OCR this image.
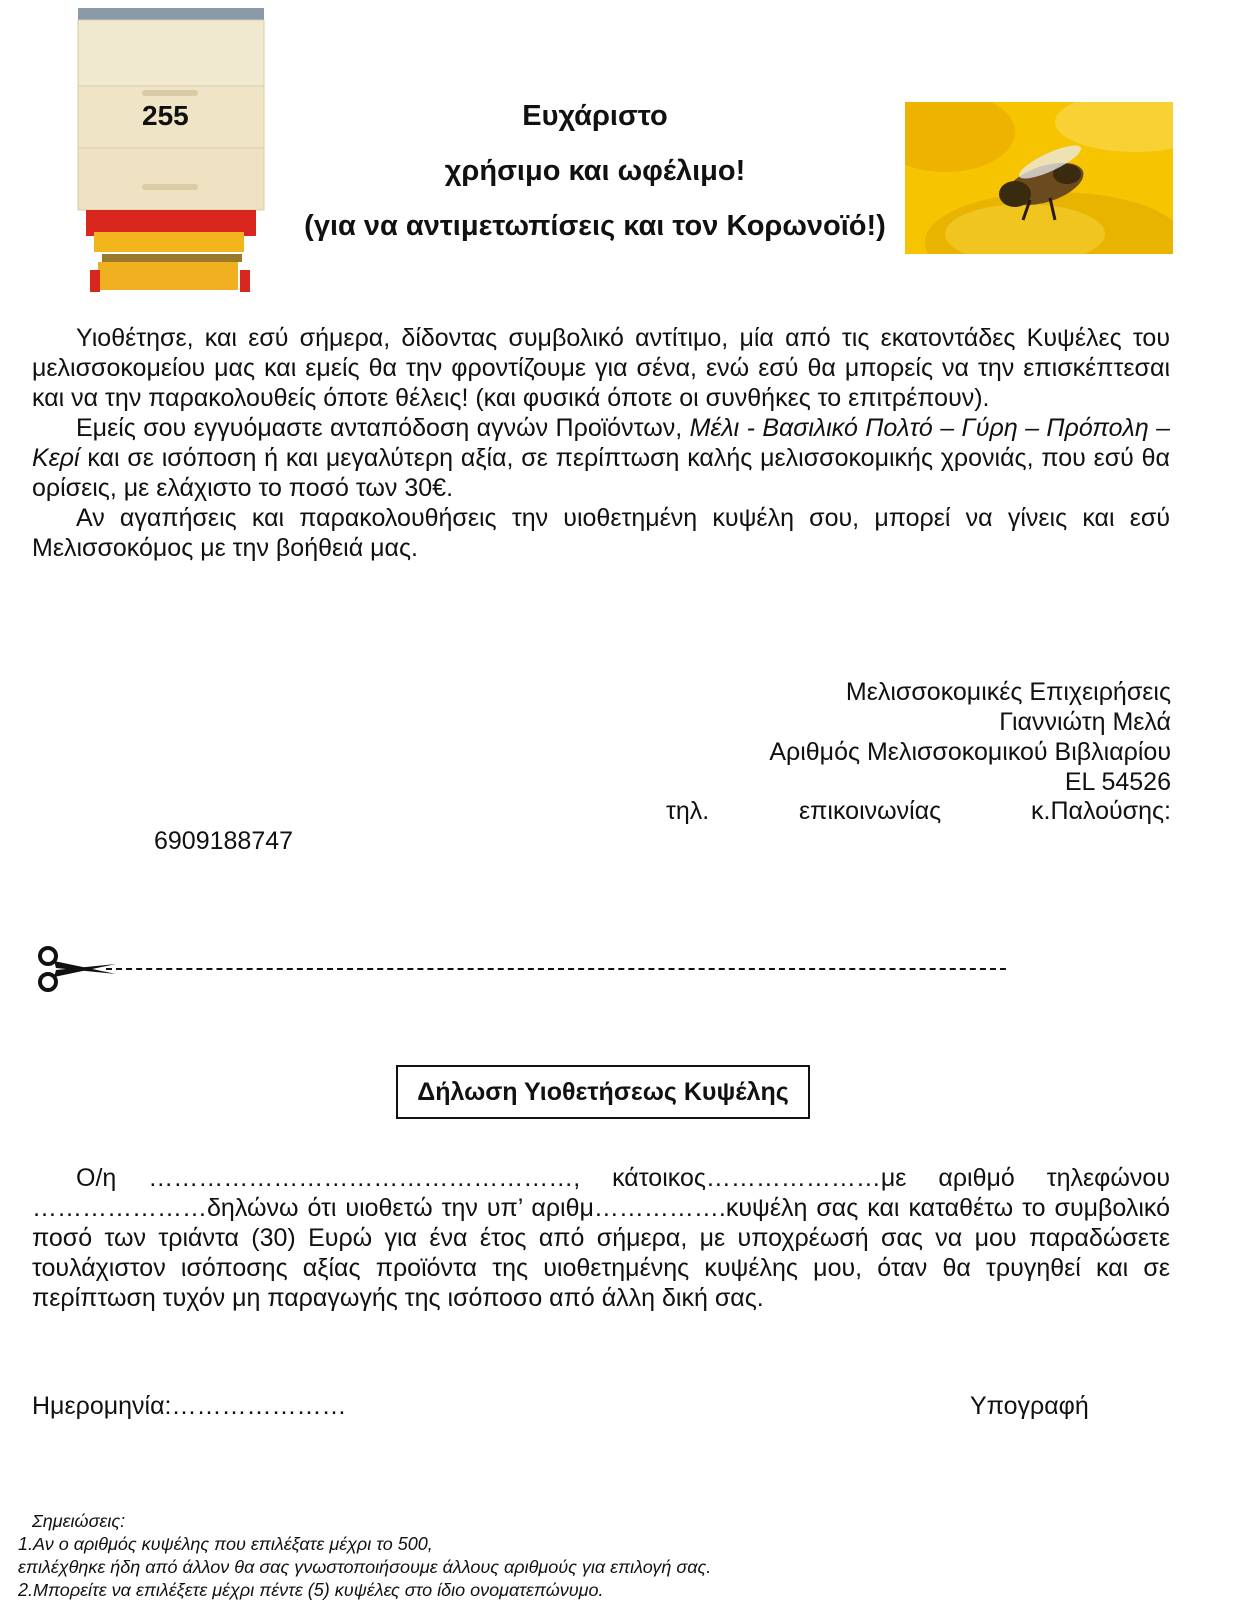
255	Ευχάριστο
χρήσιμο και ωφέλιμο!
(για να αντιμετωπίσεις και τον Κορωνοϊό!)

Υιοθέτησε, και εσύ σήμερα, δίδοντας συμβολικό αντίτιμο, μία από τις εκατοντάδες Κυψέλες του μελισσοκομείου μας και εμείς θα την φροντίζουμε για σένα, ενώ εσύ θα μπορείς να την επισκέπτεσαι και να την παρακολουθείς όποτε θέλεις! (και φυσικά όποτε οι συνθήκες το επιτρέπουν).

Εμείς σου εγγυόμαστε ανταπόδοση αγνών Προϊόντων, Μέλι - Βασιλικό Πολτό – Γύρη – Πρόπολη – Κερί και σε ισόποση ή και μεγαλύτερη αξία, σε περίπτωση καλής μελισσοκομικής χρονιάς, που εσύ θα ορίσεις, με ελάχιστο το ποσό των 30€.

Αν αγαπήσεις και παρακολουθήσεις την υιοθετημένη κυψέλη σου, μπορεί να γίνεις και εσύ Μελισσοκόμος με την βοήθειά μας.

Μελισσοκομικές Επιχειρήσεις
Γιαννιώτη Μελά
Αριθμός Μελισσοκομικού Βιβλιαρίου
EL 54526
τηλ.	επικοινωνίας	κ.Παλούσης:
6909188747
Δήλωση Υιοθετήσεως Κυψέλης

Ο/η ……………………………………………, κάτοικος…………………με αριθμό τηλεφώνου …………………δηλώνω ότι υιοθετώ την υπ’ αριθμ…………….κυψέλη σας και καταθέτω το συμβολικό ποσό των τριάντα (30) Ευρώ για ένα έτος από σήμερα, με υποχρέωσή σας να μου παραδώσετε τουλάχιστον ισόποσης αξίας προϊόντα της υιοθετημένης κυψέλης μου, όταν θα τρυγηθεί και σε περίπτωση τυχόν μη παραγωγής της ισόποσο από άλλη δική σας.

Ημερομηνία:…………………	Υπογραφή
Σημειώσεις:
1.Αν ο αριθμός κυψέλης που επιλέξατε μέχρι το 500,
επιλέχθηκε ήδη από άλλον θα σας γνωστοποιήσουμε άλλους αριθμούς για επιλογή σας.
2.Μπορείτε να επιλέξετε μέχρι πέντε (5) κυψέλες στο ίδιο ονοματεπώνυμο.
